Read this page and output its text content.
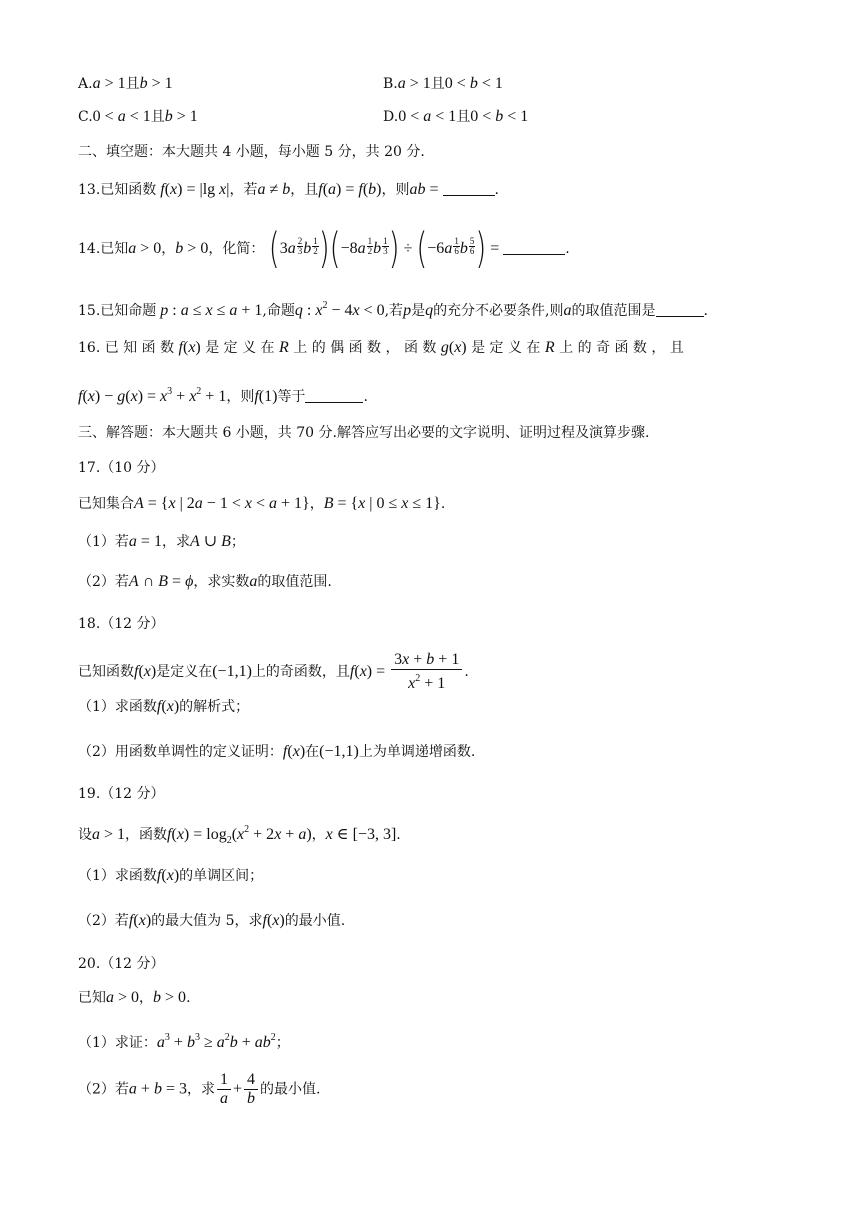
A.a > 1且b > 1	B.a > 1且0 < b < 1
C.0 < a < 1且b > 1	D.0 < a < 1且0 < b < 1
二、填空题：本大题共 4 小题，每小题 5 分，共 20 分.
13.已知函数 f(x) = |lg x|，若a ≠ b，且f(a) = f(b)，则ab =	.
14.已知a > 0，b > 0，化简： ($3a \frac{2}{3}$ b $\frac{1}{2} )(-8a \frac{1}{2}$ b $\frac{1}{3}$ ) ÷ ($-6a \frac{1}{6}$ b $\frac{5}{6}$ ) =	.
15.已知命题 p : a ≤ x ≤ a + 1,命题q : $x^2 - 4x < 0$,若p是q的充分不必要条件,则a的取值范围是	.
16. 已 知 函 数 f(x) 是 定 义 在 R 上 的 偶 函 数 ， 函 数 g(x) 是 定 义 在 R 上 的 奇 函 数 ， 且
$f(x) - g(x) = x^3 + x^2 + 1$，则f(1)等于	.
三、解答题：本大题共 6 小题，共 70 分.解答应写出必要的文字说明、证明过程及演算步骤.
17.（10 分）
已知集合A = {x | 2a − 1 < x < a + 1}，B = {x | 0 ≤ x ≤ 1}.
（1）若a = 1，求A ∪ B；
（2）若A ∩ B = ϕ，求实数a的取值范围.
18.（12 分）
已知函数f(x)是定义在(−1,1)上的奇函数，且$f(x) = \frac{3x + b + 1}{x^2 + 1}$ .
（1）求函数f(x)的解析式；
（2）用函数单调性的定义证明：f(x)在(−1,1)上为单调递增函数.
19.（12 分）
设a > 1，函数$f(x) = \log_2(x^2 + 2x + a)$，x ∈ [−3, 3].
（1）求函数f(x)的单调区间；
（2）若f(x)的最大值为 5，求f(x)的最小值.
20.（12 分）
已知a > 0，b > 0.
（1）求证：$a^3 + b^3 \ge a^2b + ab^2$；
（2）若a + b = 3，求 $\frac{1}{a} + \frac{4}{b}$ 的最小值.
